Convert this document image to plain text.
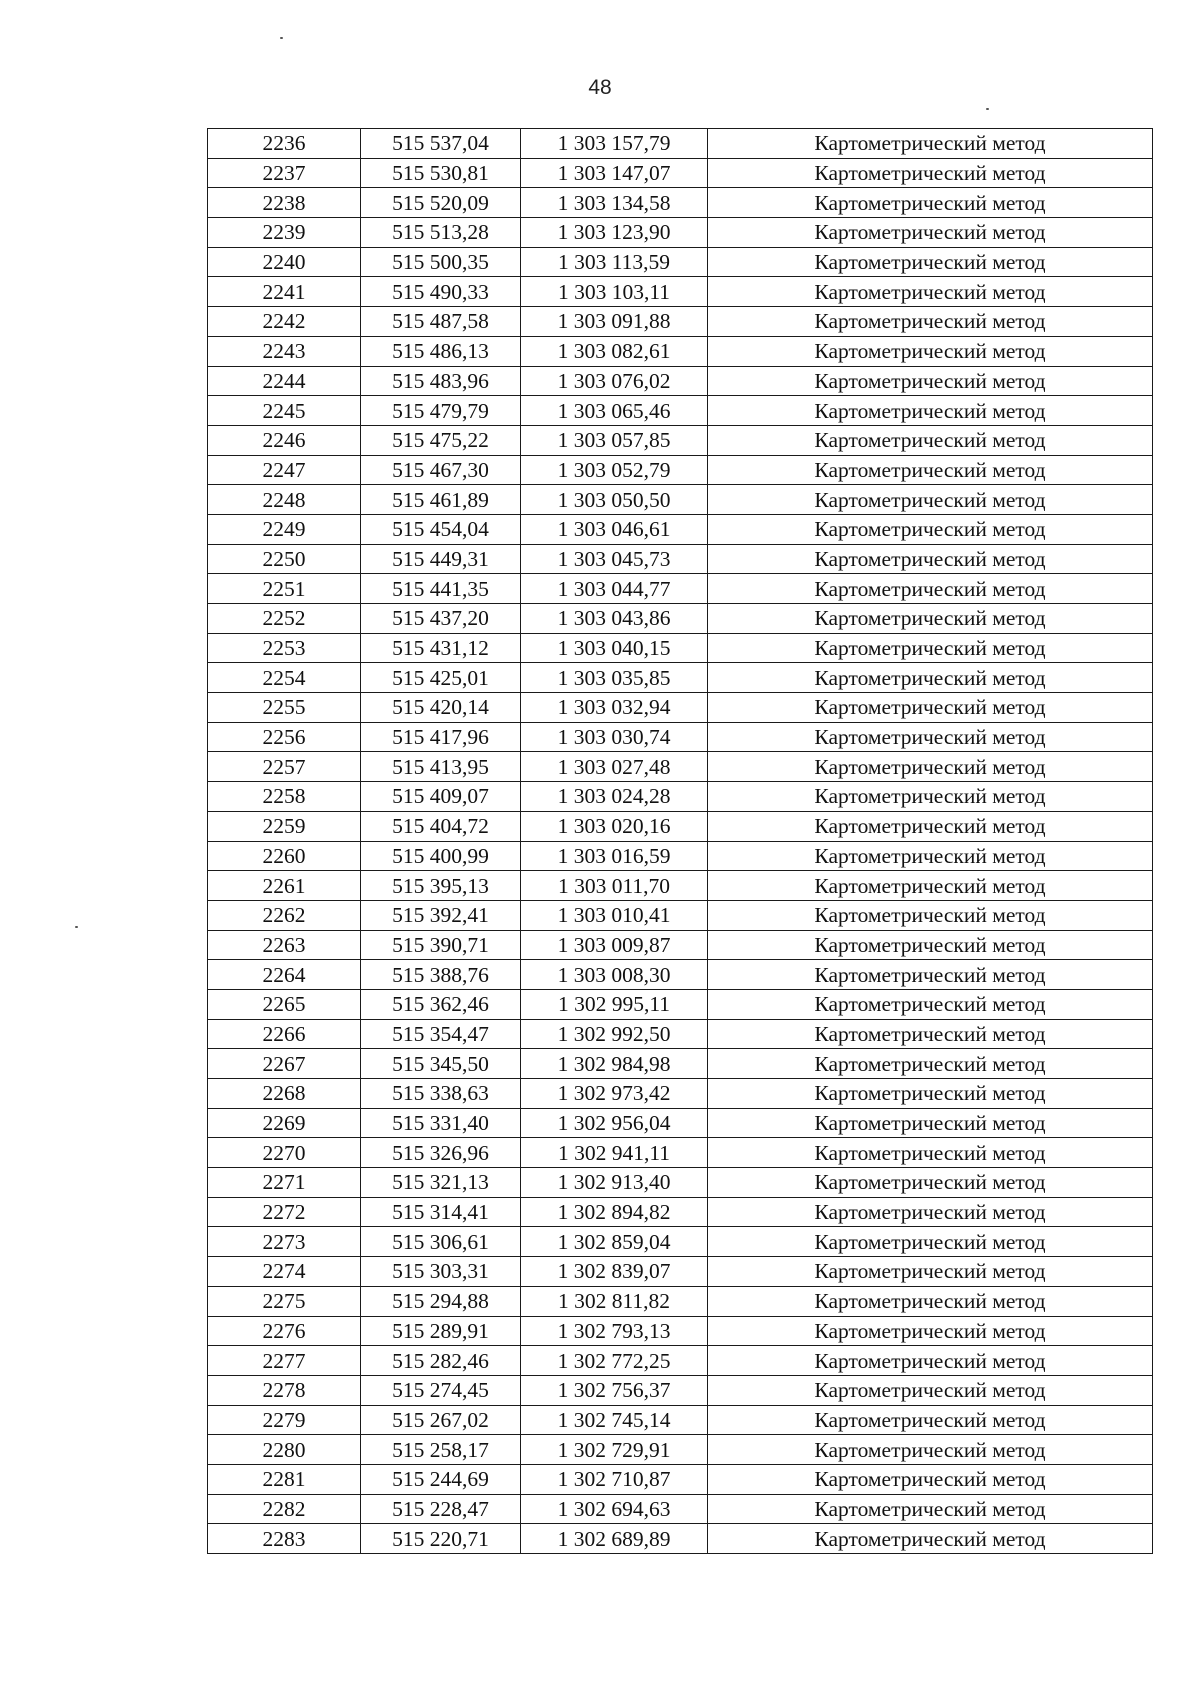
48
2236	515 537,04	1 303 157,79	Картометрический метод
2237	515 530,81	1 303 147,07	Картометрический метод
2238	515 520,09	1 303 134,58	Картометрический метод
2239	515 513,28	1 303 123,90	Картометрический метод
2240	515 500,35	1 303 113,59	Картометрический метод
2241	515 490,33	1 303 103,11	Картометрический метод
2242	515 487,58	1 303 091,88	Картометрический метод
2243	515 486,13	1 303 082,61	Картометрический метод
2244	515 483,96	1 303 076,02	Картометрический метод
2245	515 479,79	1 303 065,46	Картометрический метод
2246	515 475,22	1 303 057,85	Картометрический метод
2247	515 467,30	1 303 052,79	Картометрический метод
2248	515 461,89	1 303 050,50	Картометрический метод
2249	515 454,04	1 303 046,61	Картометрический метод
2250	515 449,31	1 303 045,73	Картометрический метод
2251	515 441,35	1 303 044,77	Картометрический метод
2252	515 437,20	1 303 043,86	Картометрический метод
2253	515 431,12	1 303 040,15	Картометрический метод
2254	515 425,01	1 303 035,85	Картометрический метод
2255	515 420,14	1 303 032,94	Картометрический метод
2256	515 417,96	1 303 030,74	Картометрический метод
2257	515 413,95	1 303 027,48	Картометрический метод
2258	515 409,07	1 303 024,28	Картометрический метод
2259	515 404,72	1 303 020,16	Картометрический метод
2260	515 400,99	1 303 016,59	Картометрический метод
2261	515 395,13	1 303 011,70	Картометрический метод
2262	515 392,41	1 303 010,41	Картометрический метод
2263	515 390,71	1 303 009,87	Картометрический метод
2264	515 388,76	1 303 008,30	Картометрический метод
2265	515 362,46	1 302 995,11	Картометрический метод
2266	515 354,47	1 302 992,50	Картометрический метод
2267	515 345,50	1 302 984,98	Картометрический метод
2268	515 338,63	1 302 973,42	Картометрический метод
2269	515 331,40	1 302 956,04	Картометрический метод
2270	515 326,96	1 302 941,11	Картометрический метод
2271	515 321,13	1 302 913,40	Картометрический метод
2272	515 314,41	1 302 894,82	Картометрический метод
2273	515 306,61	1 302 859,04	Картометрический метод
2274	515 303,31	1 302 839,07	Картометрический метод
2275	515 294,88	1 302 811,82	Картометрический метод
2276	515 289,91	1 302 793,13	Картометрический метод
2277	515 282,46	1 302 772,25	Картометрический метод
2278	515 274,45	1 302 756,37	Картометрический метод
2279	515 267,02	1 302 745,14	Картометрический метод
2280	515 258,17	1 302 729,91	Картометрический метод
2281	515 244,69	1 302 710,87	Картометрический метод
2282	515 228,47	1 302 694,63	Картометрический метод
2283	515 220,71	1 302 689,89	Картометрический метод
